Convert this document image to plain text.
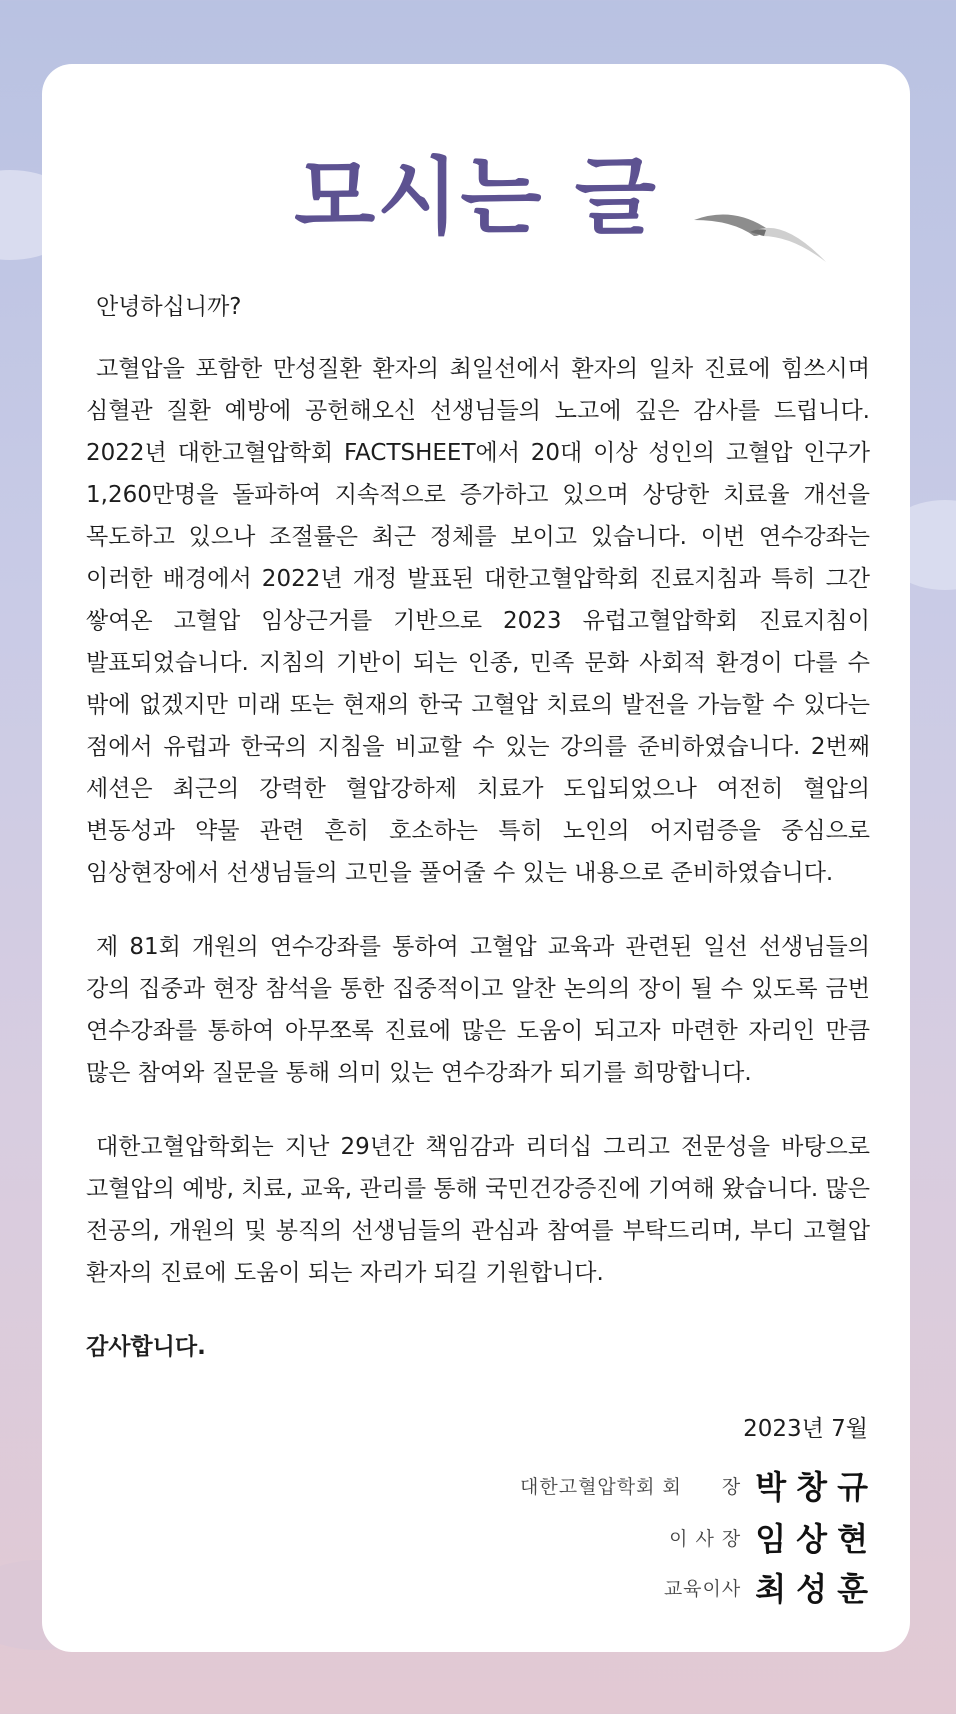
모시는 글

안녕하십니까?

고혈압을 포함한 만성질환 환자의 최일선에서 환자의 일차 진료에 힘쓰시며 심혈관 질환 예방에 공헌해오신 선생님들의 노고에 깊은 감사를 드립니다. 2022년 대한고혈압학회 FACTSHEET에서 20대 이상 성인의 고혈압 인구가 1,260만명을 돌파하여 지속적으로 증가하고 있으며 상당한 치료율 개선을 목도하고 있으나 조절률은 최근 정체를 보이고 있습니다. 이번 연수강좌는 이러한 배경에서 2022년 개정 발표된 대한고혈압학회 진료지침과 특히 그간 쌓여온 고혈압 임상근거를 기반으로 2023 유럽고혈압학회 진료지침이 발표되었습니다. 지침의 기반이 되는 인종, 민족 문화 사회적 환경이 다를 수 밖에 없겠지만 미래 또는 현재의 한국 고혈압 치료의 발전을 가늠할 수 있다는 점에서 유럽과 한국의 지침을 비교할 수 있는 강의를 준비하였습니다. 2번째 세션은 최근의 강력한 혈압강하제 치료가 도입되었으나 여전히 혈압의 변동성과 약물 관련 흔히 호소하는 특히 노인의 어지럼증을 중심으로 임상현장에서 선생님들의 고민을 풀어줄 수 있는 내용으로 준비하였습니다.

제 81회 개원의 연수강좌를 통하여 고혈압 교육과 관련된 일선 선생님들의 강의 집중과 현장 참석을 통한 집중적이고 알찬 논의의 장이 될 수 있도록 금번 연수강좌를 통하여 아무쪼록 진료에 많은 도움이 되고자 마련한 자리인 만큼 많은 참여와 질문을 통해 의미 있는 연수강좌가 되기를 희망합니다.

대한고혈압학회는 지난 29년간 책임감과 리더십 그리고 전문성을 바탕으로 고혈압의 예방, 치료, 교육, 관리를 통해 국민건강증진에 기여해 왔습니다. 많은 전공의, 개원의 및 봉직의 선생님들의 관심과 참여를 부탁드리며, 부디 고혈압 환자의 진료에 도움이 되는 자리가 되길 기원합니다.

감사합니다.

2023년 7월
대한고혈압학회 회　　장 박창규
이 사 장 임상현
교육이사 최성훈
